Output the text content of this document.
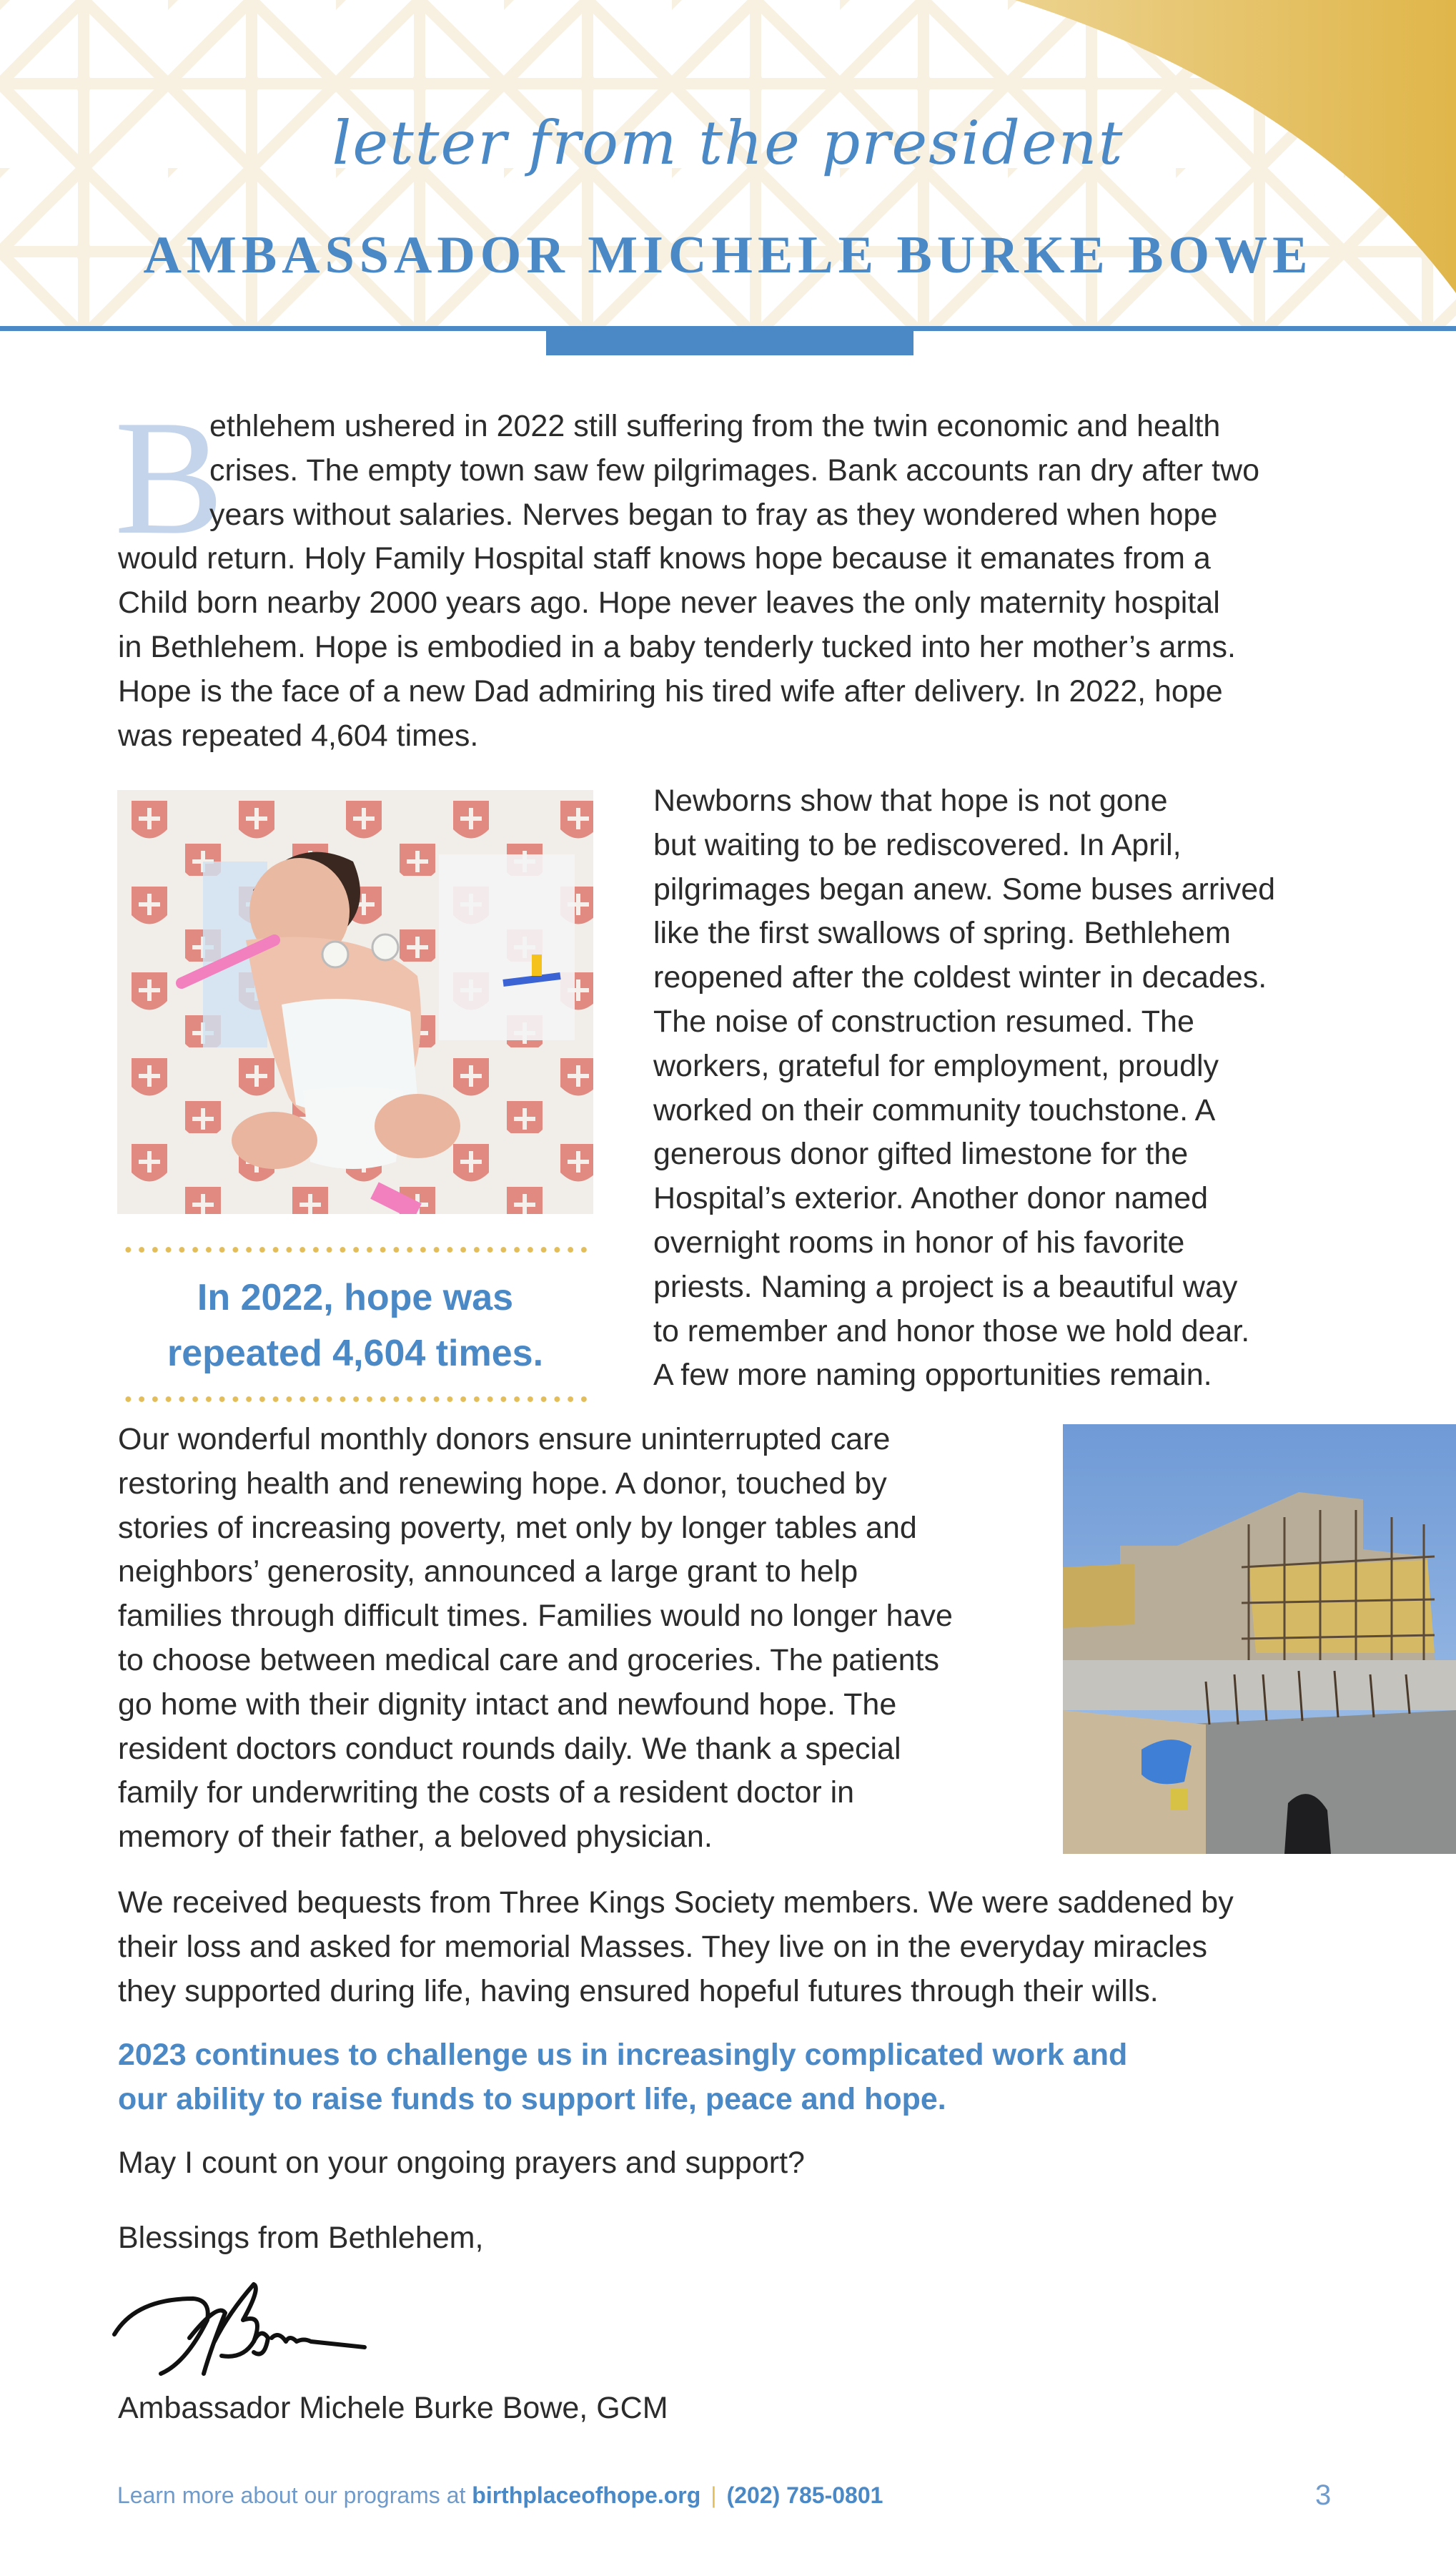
letter from the president
AMBASSADOR MICHELE BURKE BOWE
B
ethlehem ushered in 2022 still suffering from the twin economic and health
crises. The empty town saw few pilgrimages. Bank accounts ran dry after two
years without salaries. Nerves began to fray as they wondered when hope
would return. Holy Family Hospital staff knows hope because it emanates from a
Child born nearby 2000 years ago. Hope never leaves the only maternity hospital
in Bethlehem. Hope is embodied in a baby tenderly tucked into her mother’s arms.
Hope is the face of a new Dad admiring his tired wife after delivery. In 2022, hope
was repeated 4,604 times.
In 2022, hope was
repeated 4,604 times.
Newborns show that hope is not gone
but waiting to be rediscovered. In April,
pilgrimages began anew. Some buses arrived
like the first swallows of spring. Bethlehem
reopened after the coldest winter in decades.
The noise of construction resumed. The
workers, grateful for employment, proudly
worked on their community touchstone. A
generous donor gifted limestone for the
Hospital’s exterior. Another donor named
overnight rooms in honor of his favorite
priests. Naming a project is a beautiful way
to remember and honor those we hold dear.
A few more naming opportunities remain.
Our wonderful monthly donors ensure uninterrupted care
restoring health and renewing hope. A donor, touched by
stories of increasing poverty, met only by longer tables and
neighbors’ generosity, announced a large grant to help
families through difficult times. Families would no longer have
to choose between medical care and groceries. The patients
go home with their dignity intact and newfound hope. The
resident doctors conduct rounds daily. We thank a special
family for underwriting the costs of a resident doctor in
memory of their father, a beloved physician.
We received bequests from Three Kings Society members. We were saddened by
their loss and asked for memorial Masses. They live on in the everyday miracles
they supported during life, having ensured hopeful futures through their wills.
2023 continues to challenge us in increasingly complicated work and
our ability to raise funds to support life, peace and hope.
May I count on your ongoing prayers and support?
Blessings from Bethlehem,
Ambassador Michele Burke Bowe, GCM
Learn more about our programs at birthplaceofhope.org | (202) 785-0801	3
